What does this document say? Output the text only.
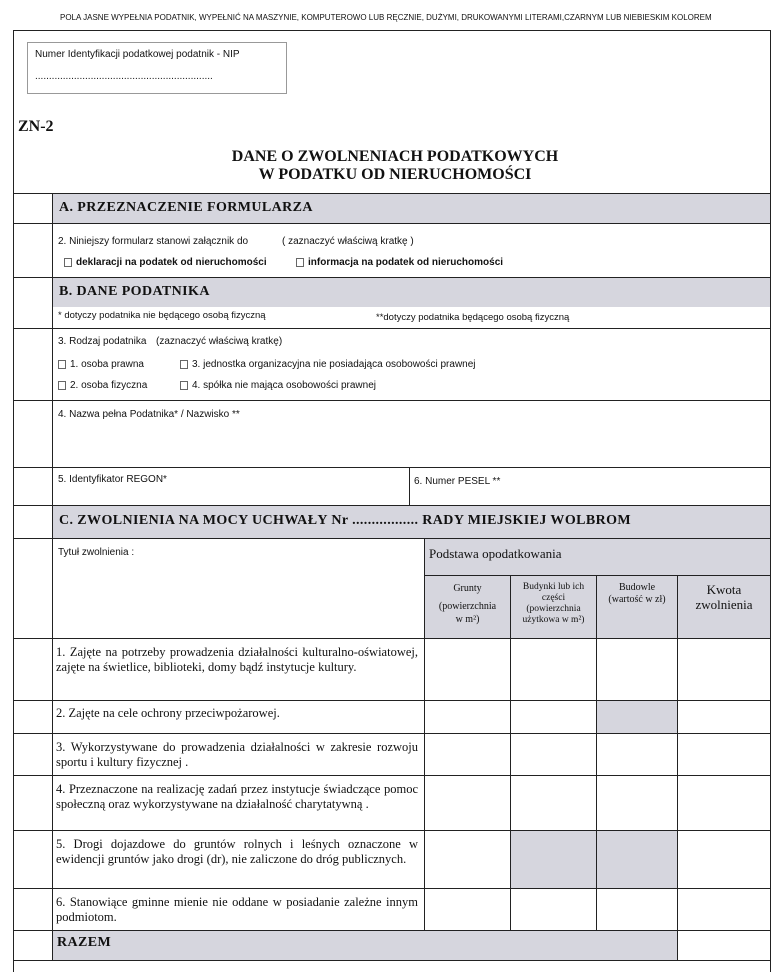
POLA JASNE WYPEŁNIA PODATNIK, WYPEŁNIĆ NA MASZYNIE, KOMPUTEROWO LUB RĘCZNIE, DUŻYMI, DRUKOWANYMI LITERAMI,CZARNYM LUB NIEBIESKIM KOLOREM
Numer Identyfikacji podatkowej podatnik - NIP
................................................................
ZN-2
DANE O ZWOLNENIACH PODATKOWYCH
W PODATKU OD NIERUCHOMOŚCI
A. PRZEZNACZENIE FORMULARZA
2. Niniejszy formularz stanowi załącznik do	( zaznaczyć właściwą kratkę )
deklaracji na podatek od nieruchomości	informacja na podatek od nieruchomości
B. DANE PODATNIKA
* dotyczy podatnika nie będącego osobą fizyczną	**dotyczy podatnika będącego osobą fizyczną
3. Rodzaj podatnika (zaznaczyć właściwą kratkę)
1. osoba prawna	3. jednostka organizacyjna nie posiadająca osobowości prawnej
2. osoba fizyczna	4. spółka nie mająca osobowości prawnej
4. Nazwa pełna Podatnika* / Nazwisko **
5. Identyfikator REGON*	6. Numer PESEL **
C. ZWOLNIENIA NA MOCY UCHWAŁY Nr ................. RADY MIEJSKIEJ WOLBROM
Tytuł zwolnienia :	Podstawa opodatkowania
Grunty
(powierzchnia
w m²)
Budynki lub ich
części
(powierzchnia
użytkowa w m²)
Budowle
(wartość w zł)
Kwota
zwolnienia
1. Zajęte na potrzeby prowadzenia działalności kulturalno-oświatowej, zajęte na świetlice, biblioteki, domy bądź instytucje kultury.
2. Zajęte na cele ochrony przeciwpożarowej.
3. Wykorzystywane do prowadzenia działalności w zakresie rozwoju sportu i kultury fizycznej .
4. Przeznaczone na realizację zadań przez instytucje świadczące pomoc społeczną oraz wykorzystywane na działalność charytatywną .
5. Drogi dojazdowe do gruntów rolnych i leśnych oznaczone w ewidencji gruntów jako drogi (dr), nie zaliczone do dróg publicznych.
6. Stanowiące gminne mienie nie oddane w posiadanie zależne innym podmiotom.
RAZEM
